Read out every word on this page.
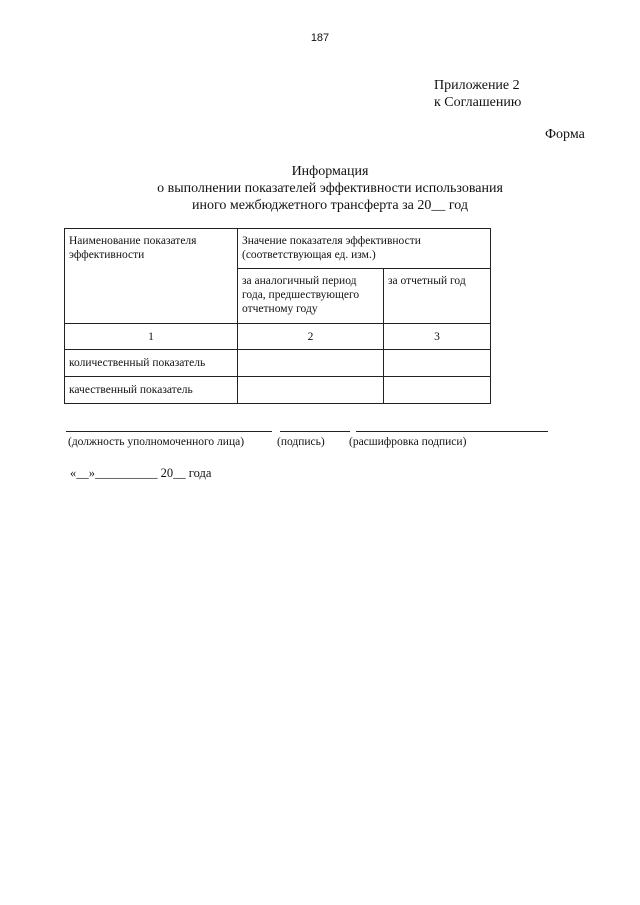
187
Приложение 2
к Соглашению
Форма
Информация
о выполнении показателей эффективности использования
иного межбюджетного трансферта за 20__ год
Наименование показателя эффективности	Значение показателя эффективности (соответствующая ед. изм.)	
	за аналогичный период года, предшествующего отчетному году	за отчетный год
1	2	3
количественный показатель		
качественный показатель		
(должность уполномоченного лица)	(подпись) (расшифровка подписи)
«__»__________ 20__ года
